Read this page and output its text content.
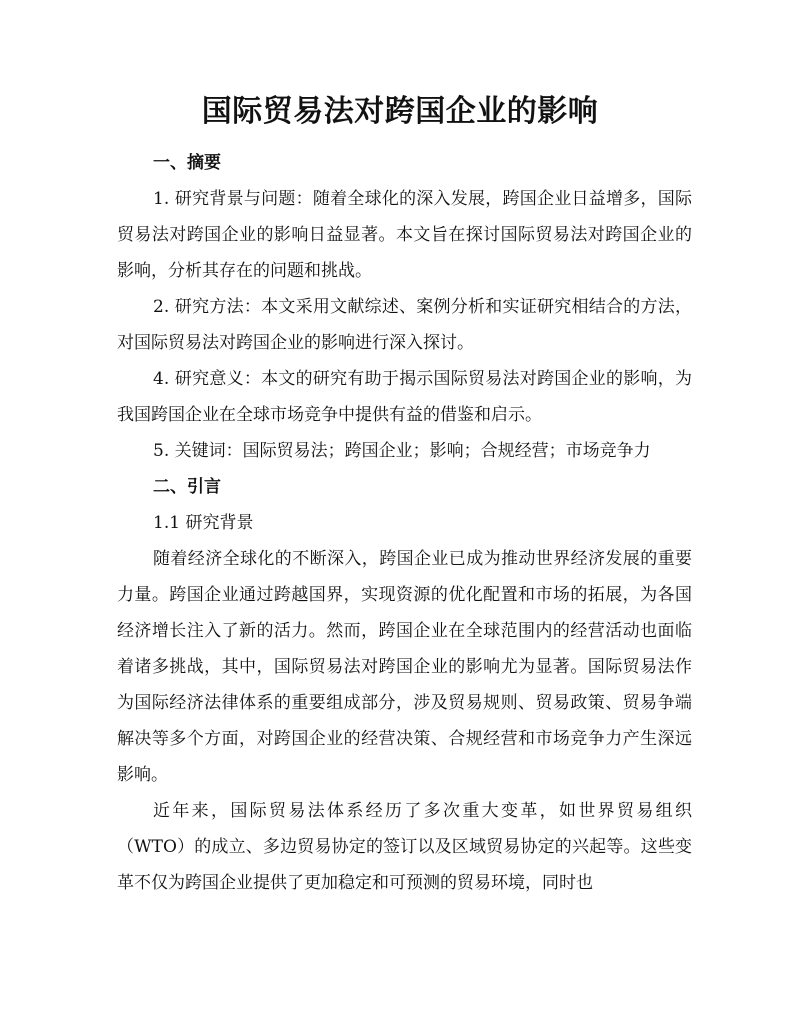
国际贸易法对跨国企业的影响
一、摘要

1. 研究背景与问题：随着全球化的深入发展，跨国企业日益增多，国际贸易法对跨国企业的影响日益显著。本文旨在探讨国际贸易法对跨国企业的影响，分析其存在的问题和挑战。

2. 研究方法：本文采用文献综述、案例分析和实证研究相结合的方法，对国际贸易法对跨国企业的影响进行深入探讨。

4. 研究意义：本文的研究有助于揭示国际贸易法对跨国企业的影响，为我国跨国企业在全球市场竞争中提供有益的借鉴和启示。

5. 关键词：国际贸易法；跨国企业；影响；合规经营；市场竞争力

二、引言

1.1 研究背景

随着经济全球化的不断深入，跨国企业已成为推动世界经济发展的重要力量。跨国企业通过跨越国界，实现资源的优化配置和市场的拓展，为各国经济增长注入了新的活力。然而，跨国企业在全球范围内的经营活动也面临着诸多挑战，其中，国际贸易法对跨国企业的影响尤为显著。国际贸易法作为国际经济法律体系的重要组成部分，涉及贸易规则、贸易政策、贸易争端解决等多个方面，对跨国企业的经营决策、合规经营和市场竞争力产生深远影响。

近年来，国际贸易法体系经历了多次重大变革，如世界贸易组织（WTO）的成立、多边贸易协定的签订以及区域贸易协定的兴起等。这些变革不仅为跨国企业提供了更加稳定和可预测的贸易环境，同时也
